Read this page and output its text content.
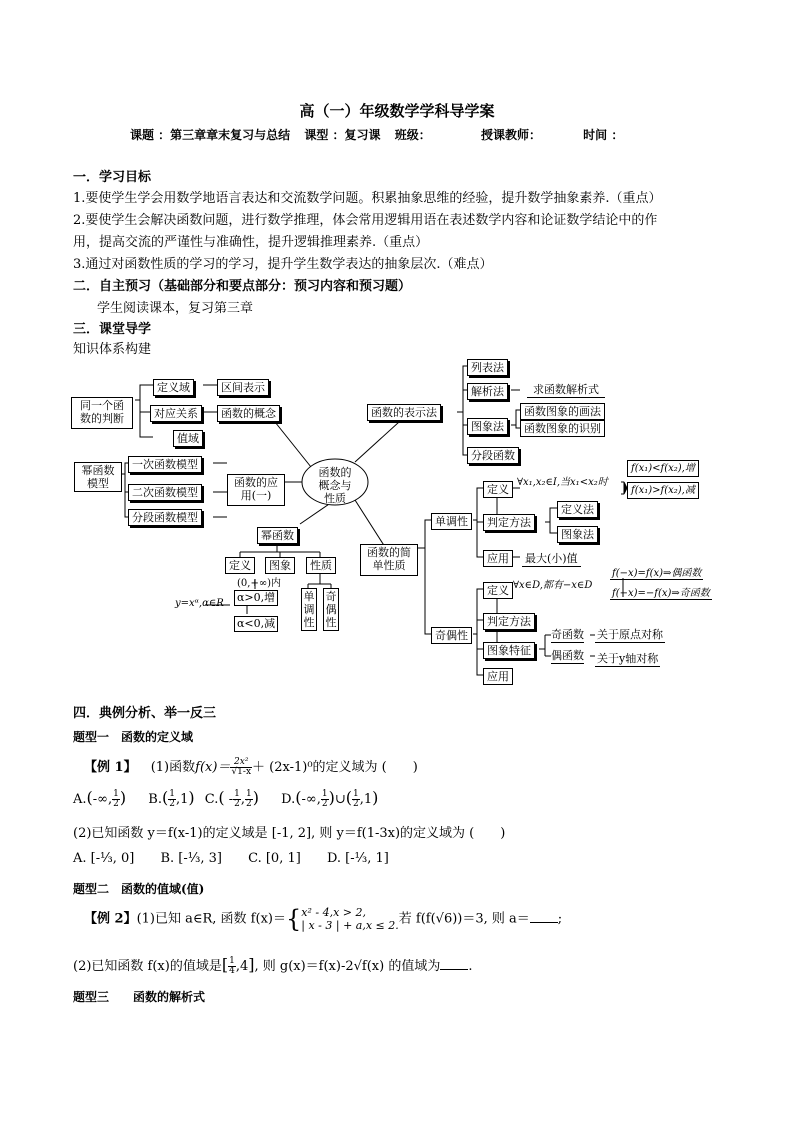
高（一）年级数学学科导学案
课题 ：第三章章末复习与总结 课型 ：复习课 班级：	授课教师：	时间 ：
一．学习目标
1.要使学生学会用数学地语言表达和交流数学问题。积累抽象思维的经验，提升数学抽象素养.（重点）
2.要使学生会解决函数问题，进行数学推理，体会常用逻辑用语在表述数学内容和论证数学结论中的作
用，提高交流的严谨性与准确性，提升逻辑推理素养.（重点）
3.通过对函数性质的学习的学习，提升学生数学表达的抽象层次.（难点）
二．自主预习（基础部分和要点部分：预习内容和预习题）
学生阅读课本，复习第三章
三．课堂导学
知识体系构建
函数的概念与性质
同一个函数的判断
定义域	区间表示
对应关系	函数的概念
值域
幂函数模型
一次函数模型
二次函数模型
分段函数模型
函数的应用(一)
幂函数
定义	图象	性质
y=xᵅ,α∈R
(0,+∞)内
α>0,增
α<0,减
单调性
奇偶性
函数的表示法
列表法
解析法	求函数解析式
图象法
函数图象的画法
函数图象的识别
分段函数
函数的简单性质
单调性
定义
∀x₁,x₂∈I,当x₁<x₂时
f(x₁)<f(x₂),增
f(x₁)>f(x₂),减
判定方法
定义法
图象法
应用	最大(小)值
奇偶性
定义 ∀x∈D,都有−x∈D
f(−x)=f(x)⇒偶函数
f(−x)=−f(x)⇒奇函数
判定方法
图象特征
奇函数 关于原点对称
偶函数 关于y轴对称
应用
四．典例分析、举一反三
题型一　函数的定义域
【例 1】 (1)函数$f(x)= \frac{\text{2x²}}{√1-x} + (2x-1)^0$的定义域为 (　　)
A.(-∞, $\frac{1}{2}$ ) $B.( \frac{1}{2} ,1)$ $C.( - \frac{1}{2}$ , $\frac{1}{2}$ ) D.(-∞, $\frac{1}{2}$ )∪( $\frac{1}{2} ,1$)
(2)已知函数 y＝f(x-1)的定义域是 [-1, 2], 则 y＝f(1-3x)的定义域为 (　　)
A. [-⅓, 0] B. [-⅓, 3] C. [0, 1] D. [-⅓, 1]
题型二　函数的值域(值)
【例 2】(1)已知 a∈R, 函数 f(x)＝{ x² - 4,x > 2,
| x - 3 | + a,x ≤ 2. 若 f(f(√6))＝3, 则 a＝ ;
(2)已知函数 f(x)的值域是[ $\frac{1}{4} ,4$], 则 g(x)＝f(x)-2√f(x) 的值域为 .
题型三　　函数的解析式
